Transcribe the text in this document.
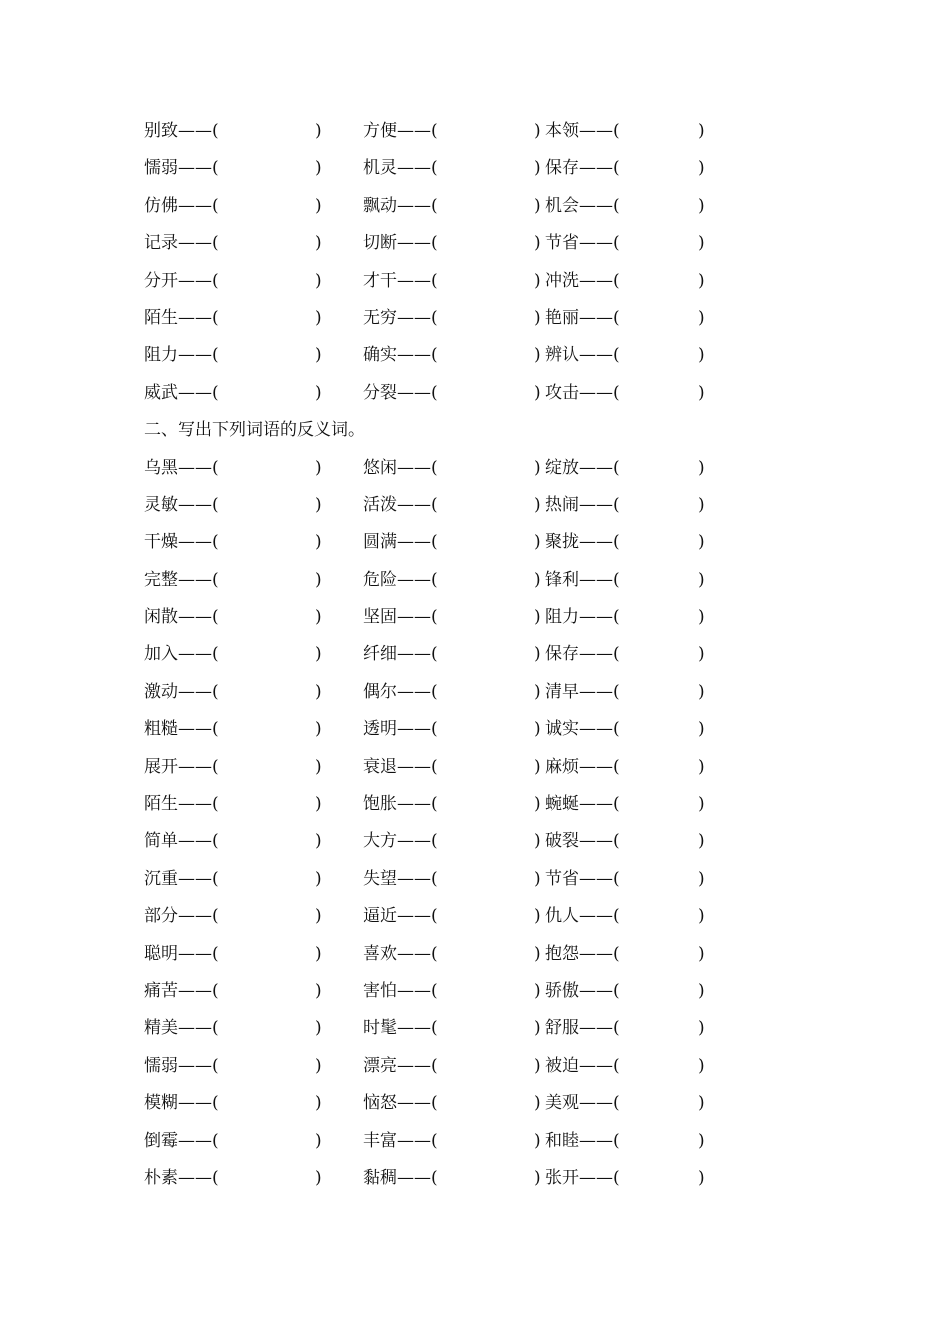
别致——(	) 方便——(	) 本领——(	)
懦弱——(	) 机灵——(	) 保存——(	)
仿佛——(	) 飘动——(	) 机会——(	)
记录——(	) 切断——(	) 节省——(	)
分开——(	) 才干——(	) 冲洗——(	)
陌生——(	) 无穷——(	) 艳丽——(	)
阻力——(	) 确实——(	) 辨认——(	)
威武——(	) 分裂——(	) 攻击——(	)
二、写出下列词语的反义词。
乌黑——(	) 悠闲——(	) 绽放——(	)
灵敏——(	) 活泼——(	) 热闹——(	)
干燥——(	) 圆满——(	) 聚拢——(	)
完整——(	) 危险——(	) 锋利——(	)
闲散——(	) 坚固——(	) 阻力——(	)
加入——(	) 纤细——(	) 保存——(	)
激动——(	) 偶尔——(	) 清早——(	)
粗糙——(	) 透明——(	) 诚实——(	)
展开——(	) 衰退——(	) 麻烦——(	)
陌生——(	) 饱胀——(	) 蜿蜒——(	)
简单——(	) 大方——(	) 破裂——(	)
沉重——(	) 失望——(	) 节省——(	)
部分——(	) 逼近——(	) 仇人——(	)
聪明——(	) 喜欢——(	) 抱怨——(	)
痛苦——(	) 害怕——(	) 骄傲——(	)
精美——(	) 时髦——(	) 舒服——(	)
懦弱——(	) 漂亮——(	) 被迫——(	)
模糊——(	) 恼怒——(	) 美观——(	)
倒霉——(	) 丰富——(	) 和睦——(	)
朴素——(	) 黏稠——(	) 张开——(	)
